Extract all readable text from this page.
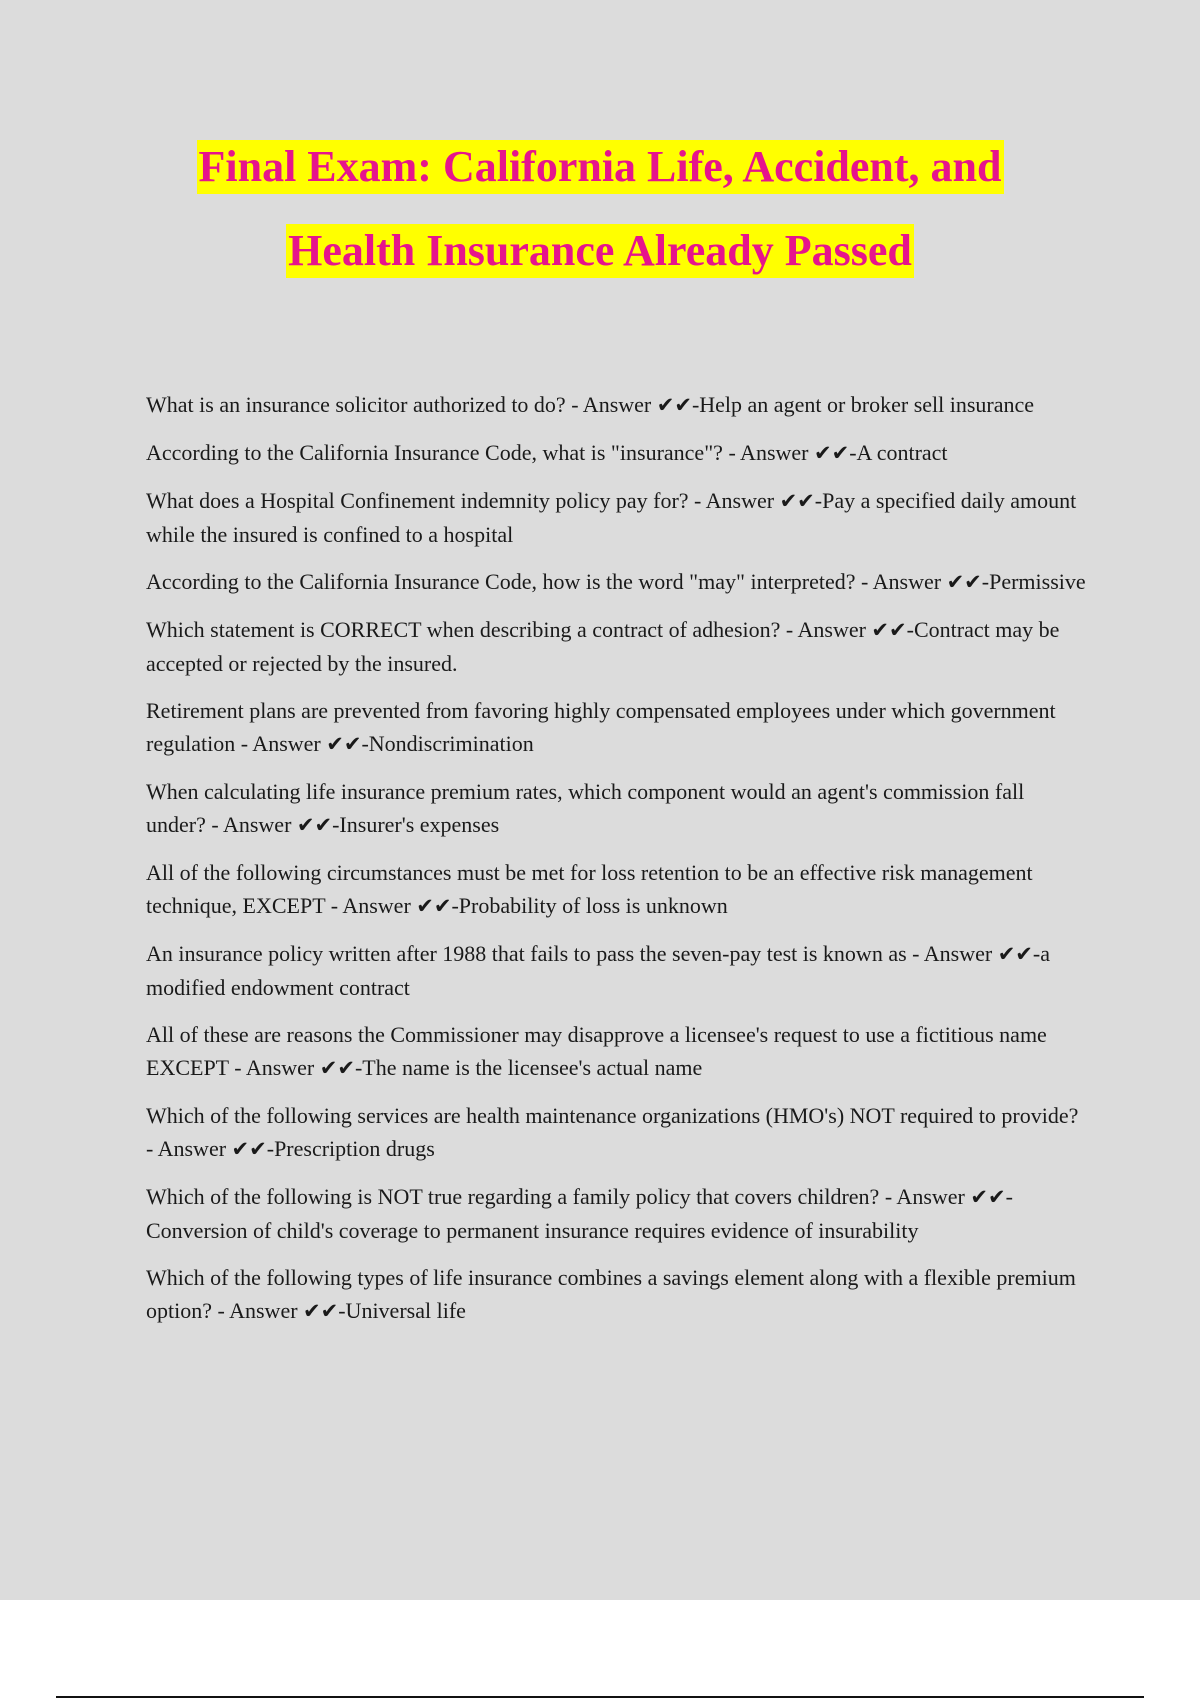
Final Exam: California Life, Accident, and
Health Insurance Already Passed

What is an insurance solicitor authorized to do? - Answer ✔✔-Help an agent or broker sell insurance

According to the California Insurance Code, what is "insurance"? - Answer ✔✔-A contract

What does a Hospital Confinement indemnity policy pay for? - Answer ✔✔-Pay a specified daily amount while the insured is confined to a hospital

According to the California Insurance Code, how is the word "may" interpreted? - Answer ✔✔-Permissive

Which statement is CORRECT when describing a contract of adhesion? - Answer ✔✔-Contract may be accepted or rejected by the insured.

Retirement plans are prevented from favoring highly compensated employees under which government regulation - Answer ✔✔-Nondiscrimination

When calculating life insurance premium rates, which component would an agent's commission fall under? - Answer ✔✔-Insurer's expenses

All of the following circumstances must be met for loss retention to be an effective risk management technique, EXCEPT - Answer ✔✔-Probability of loss is unknown

An insurance policy written after 1988 that fails to pass the seven-pay test is known as - Answer ✔✔-a modified endowment contract

All of these are reasons the Commissioner may disapprove a licensee's request to use a fictitious name EXCEPT - Answer ✔✔-The name is the licensee's actual name

Which of the following services are health maintenance organizations (HMO's) NOT required to provide? - Answer ✔✔-Prescription drugs

Which of the following is NOT true regarding a family policy that covers children? - Answer ✔✔-Conversion of child's coverage to permanent insurance requires evidence of insurability

Which of the following types of life insurance combines a savings element along with a flexible premium option? - Answer ✔✔-Universal life
